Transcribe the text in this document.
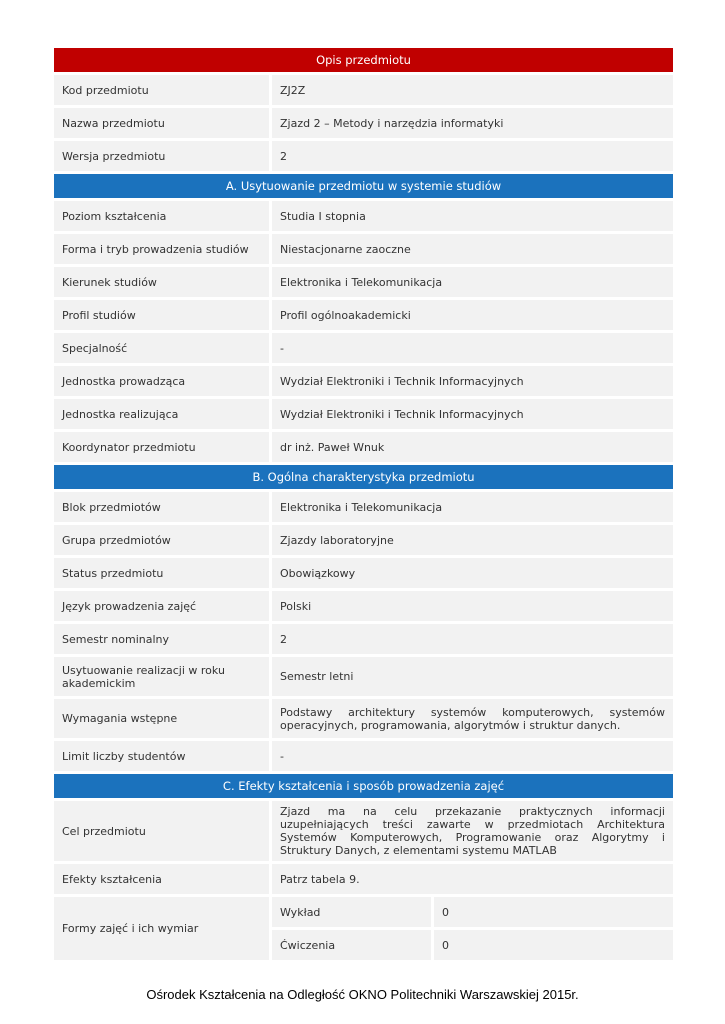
Opis przedmiotu		
Kod przedmiotu	ZJ2Z	
Nazwa przedmiotu	Zjazd 2 – Metody i narzędzia informatyki	
Wersja przedmiotu	2	
A. Usytuowanie przedmiotu w systemie studiów		
Poziom kształcenia	Studia I stopnia	
Forma i tryb prowadzenia studiów	Niestacjonarne zaoczne	
Kierunek studiów	Elektronika i Telekomunikacja	
Profil studiów	Profil ogólnoakademicki	
Specjalność	-	
Jednostka prowadząca	Wydział Elektroniki i Technik Informacyjnych	
Jednostka realizująca	Wydział Elektroniki i Technik Informacyjnych	
Koordynator przedmiotu	dr inż. Paweł Wnuk	
B. Ogólna charakterystyka przedmiotu		
Blok przedmiotów	Elektronika i Telekomunikacja	
Grupa przedmiotów	Zjazdy laboratoryjne	
Status przedmiotu	Obowiązkowy	
Język prowadzenia zajęć	Polski	
Semestr nominalny	2	
Usytuowanie realizacji w roku akademickim	Semestr letni	
Wymagania wstępne	Podstawy architektury systemów komputerowych, systemów operacyjnych, programowania, algorytmów i struktur danych.	
Limit liczby studentów	-	
C. Efekty kształcenia i sposób prowadzenia zajęć		
Cel przedmiotu	Zjazd ma na celu przekazanie praktycznych informacji uzupełniających treści zawarte w przedmiotach Architektura Systemów Komputerowych, Programowanie oraz Algorytmy i Struktury Danych, z elementami systemu MATLAB	
Efekty kształcenia	Patrz tabela 9.	
Formy zajęć i ich wymiar	Wykład	0
	Ćwiczenia	0
Ośrodek Kształcenia na Odległość OKNO Politechniki Warszawskiej 2015r.
